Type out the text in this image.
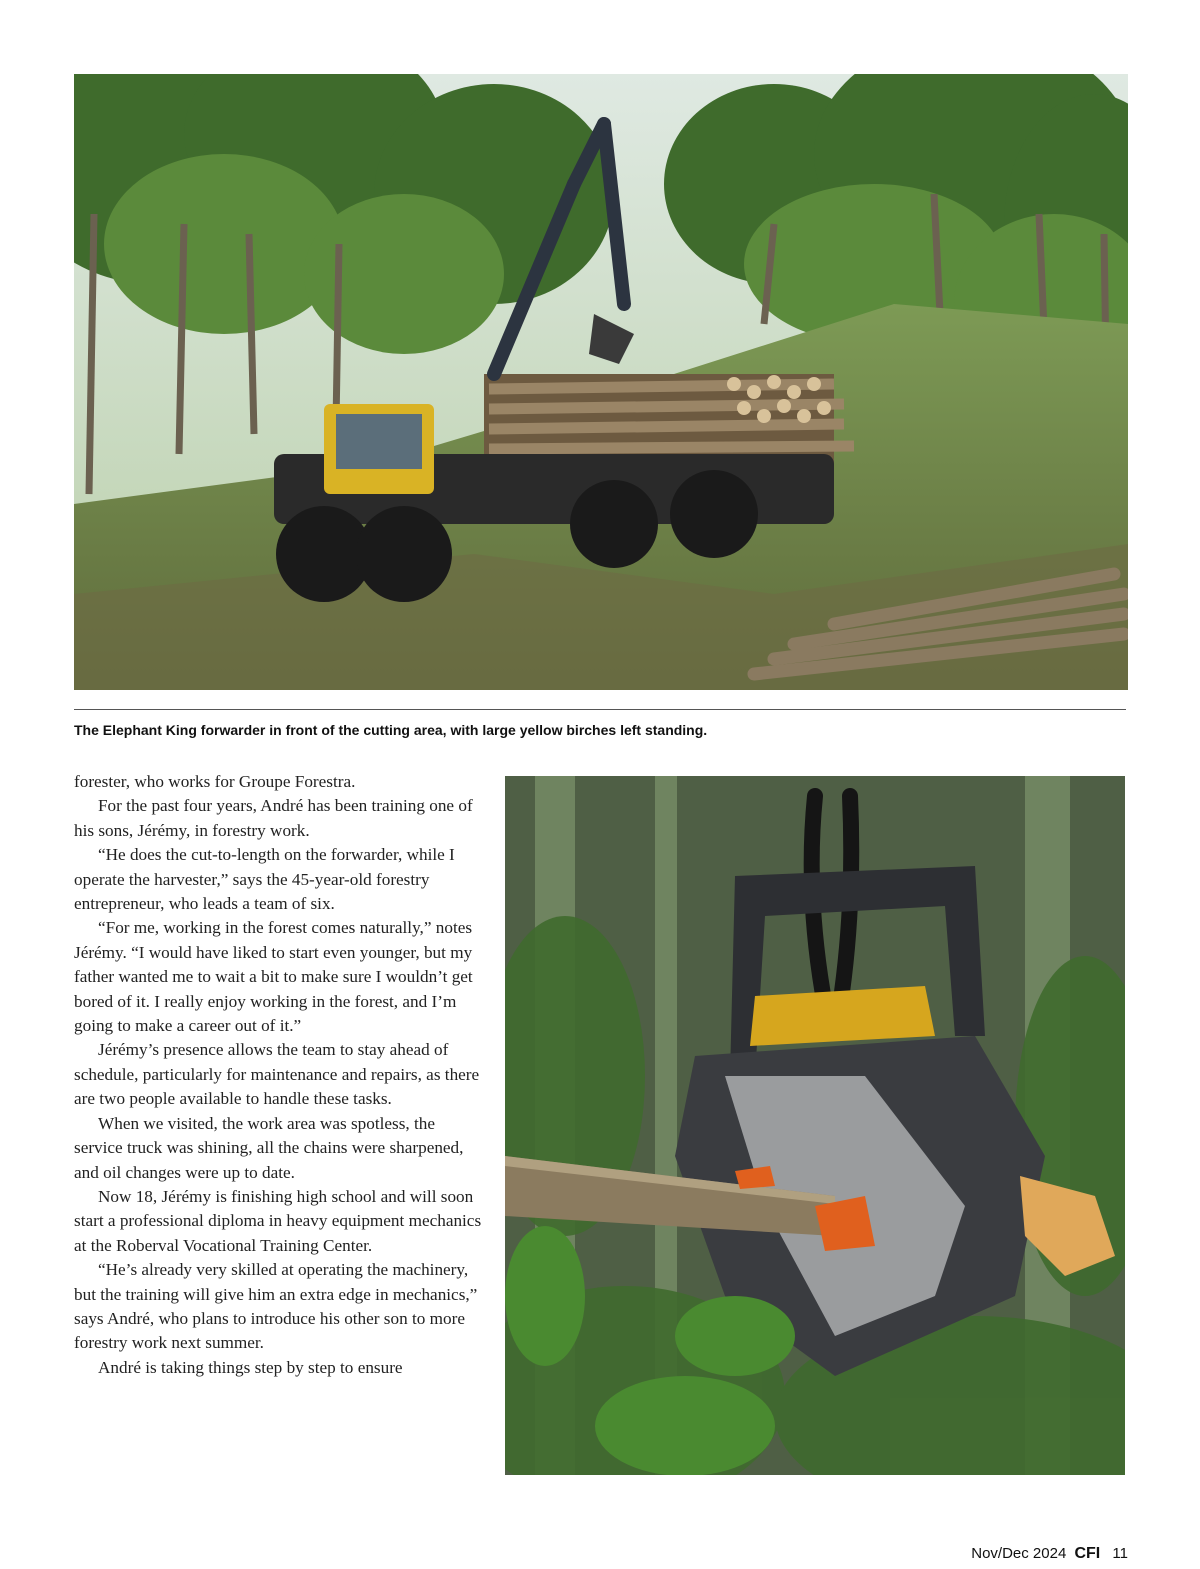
The Elephant King forwarder in front of the cutting area, with large yellow birches left standing.

forester, who works for Groupe Forestra.

For the past four years, André has been training one of his sons, Jérémy, in forestry work.

“He does the cut-to-length on the forwarder, while I operate the harvester,” says the 45-year-old forestry entrepreneur, who leads a team of six.

“For me, working in the forest comes naturally,” notes Jérémy. “I would have liked to start even younger, but my father wanted me to wait a bit to make sure I wouldn’t get bored of it. I really enjoy working in the forest, and I’m going to make a career out of it.”

Jérémy’s presence allows the team to stay ahead of schedule, particularly for maintenance and repairs, as there are two people available to handle these tasks.

When we visited, the work area was spotless, the service truck was shining, all the chains were sharpened, and oil changes were up to date.

Now 18, Jérémy is finishing high school and will soon start a professional diploma in heavy equipment mechanics at the Roberval Vocational Training Center.

“He’s already very skilled at operating the machinery, but the training will give him an extra edge in mechanics,” says André, who plans to introduce his other son to more forestry work next summer.

André is taking things step by step to ensure

Nov/Dec 2024 CFI 11
